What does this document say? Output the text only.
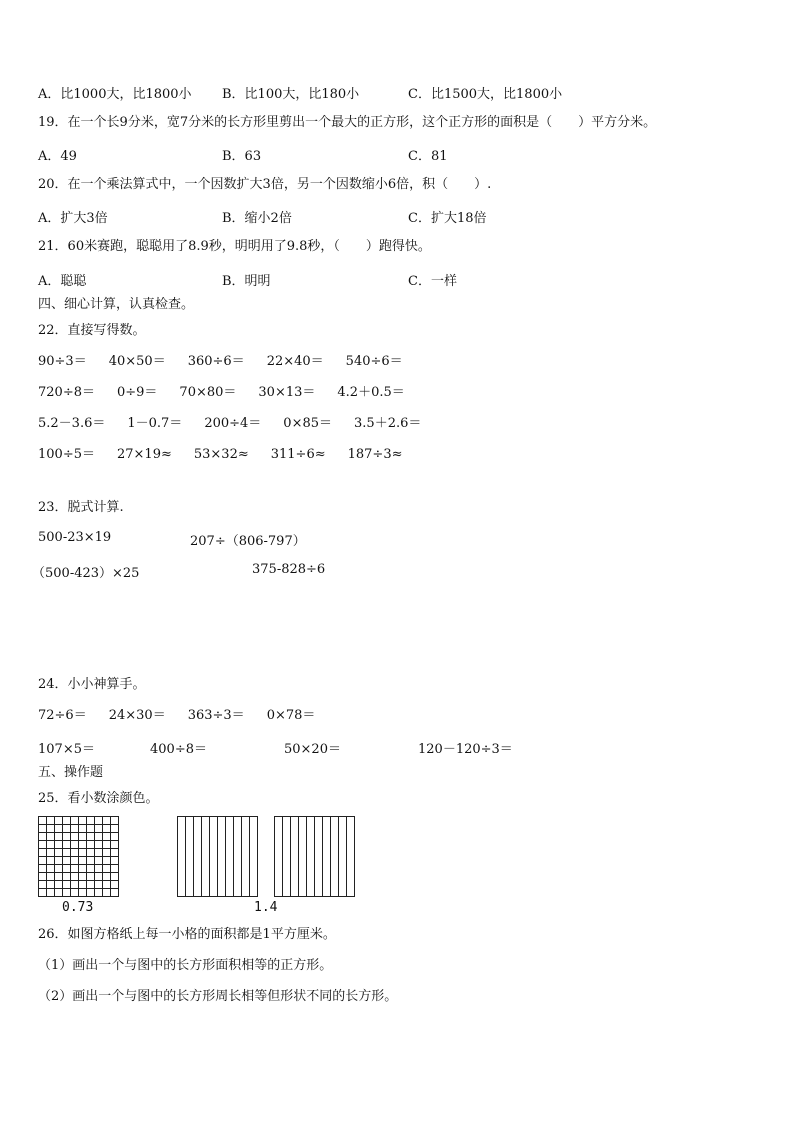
A．比1000大，比1800小 B．比100大，比180小	C．比1500大，比1800小
19．在一个长9分米，宽7分米的长方形里剪出一个最大的正方形，这个正方形的面积是（　　）平方分米。
A．49	B．63	C．81
20．在一个乘法算式中，一个因数扩大3倍，另一个因数缩小6倍，积（　　）.
A．扩大3倍	B．缩小2倍	C．扩大18倍
21．60米赛跑，聪聪用了8.9秒，明明用了9.8秒，（　　）跑得快。
A．聪聪	B．明明	C．一样
四、细心计算，认真检查。
22．直接写得数。
90÷3＝ 40×50＝ 360÷6＝ 22×40＝ 540÷6＝
720÷8＝ 0÷9＝ 70×80＝ 30×13＝ 4.2＋0.5＝
5.2－3.6＝ 1－0.7＝ 200÷4＝ 0×85＝ 3.5＋2.6＝
100÷5＝ 27×19≈ 53×32≈ 311÷6≈ 187÷3≈
23．脱式计算.
500-23×19	207÷（806-797）
（500-423）×25	375-828÷6
24．小小神算手。
72÷6＝ 24×30＝ 363÷3＝ 0×78＝
107×5＝	400÷8＝	50×20＝	120－120÷3＝
五、操作题
25．看小数涂颜色。
0.73	1.4
26．如图方格纸上每一小格的面积都是1平方厘米。
（1）画出一个与图中的长方形面积相等的正方形。
（2）画出一个与图中的长方形周长相等但形状不同的长方形。
